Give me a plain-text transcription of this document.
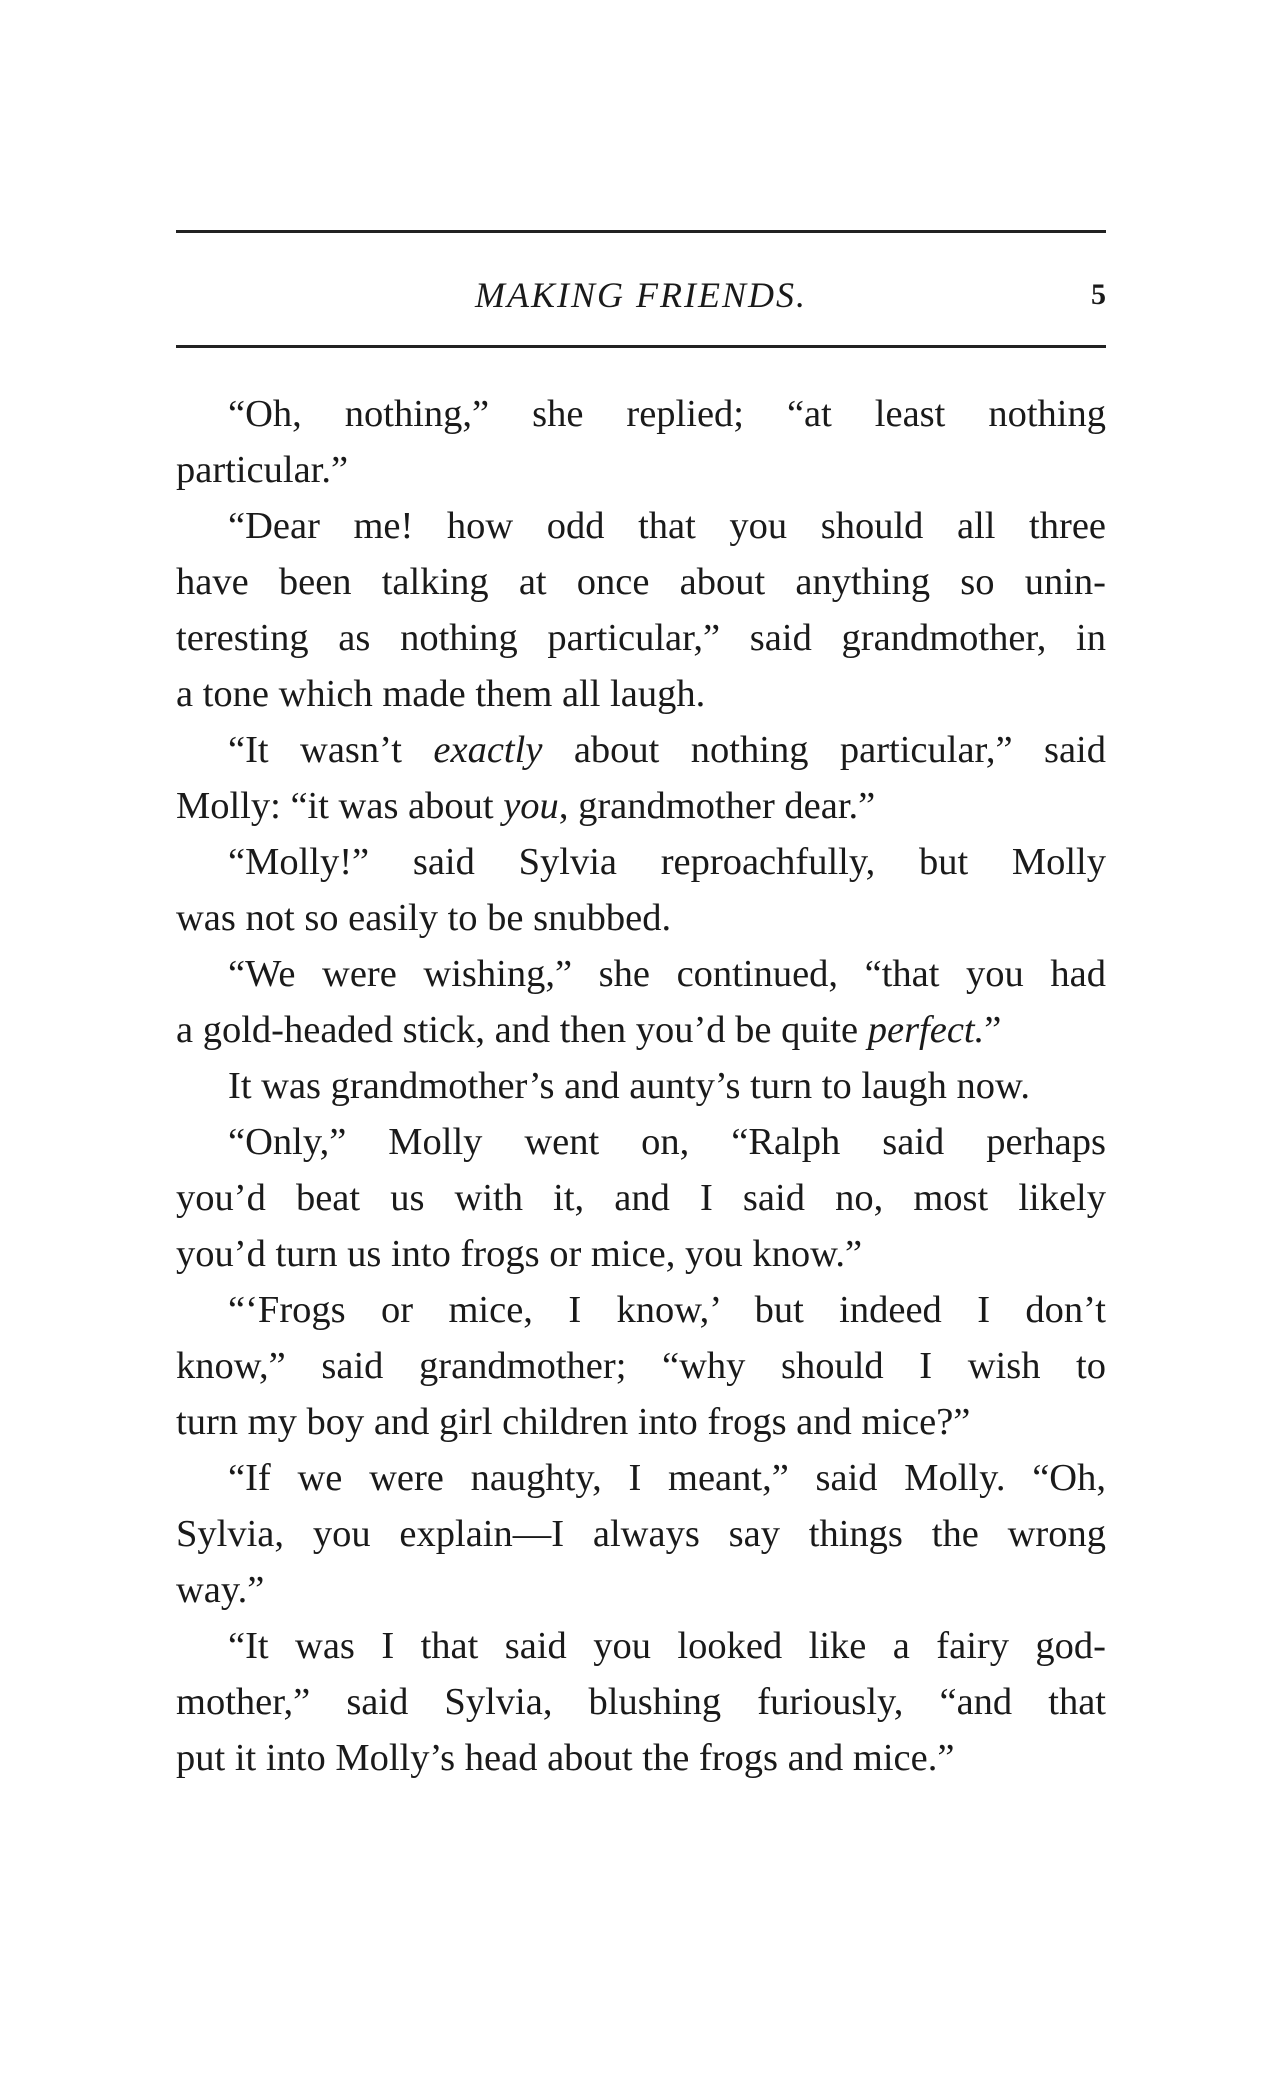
MAKING FRIENDS.	5
“Oh, nothing,” she replied; “at least nothing
particular.”
“Dear me! how odd that you should all three
have been talking at once about anything so unin-
teresting as nothing particular,” said grandmother, in
a tone which made them all laugh.
“It wasn’t exactly about nothing particular,” said
Molly: “it was about you, grandmother dear.”
“Molly!” said Sylvia reproachfully, but Molly
was not so easily to be snubbed.
“We were wishing,” she continued, “that you had
a gold-headed stick, and then you’d be quite perfect.”
It was grandmother’s and aunty’s turn to laugh now.
“Only,” Molly went on, “Ralph said perhaps
you’d beat us with it, and I said no, most likely
you’d turn us into frogs or mice, you know.”
“‘Frogs or mice, I know,’ but indeed I don’t
know,” said grandmother; “why should I wish to
turn my boy and girl children into frogs and mice?”
“If we were naughty, I meant,” said Molly. “Oh,
Sylvia, you explain—I always say things the wrong
way.”
“It was I that said you looked like a fairy god-
mother,” said Sylvia, blushing furiously, “and that
put it into Molly’s head about the frogs and mice.”
